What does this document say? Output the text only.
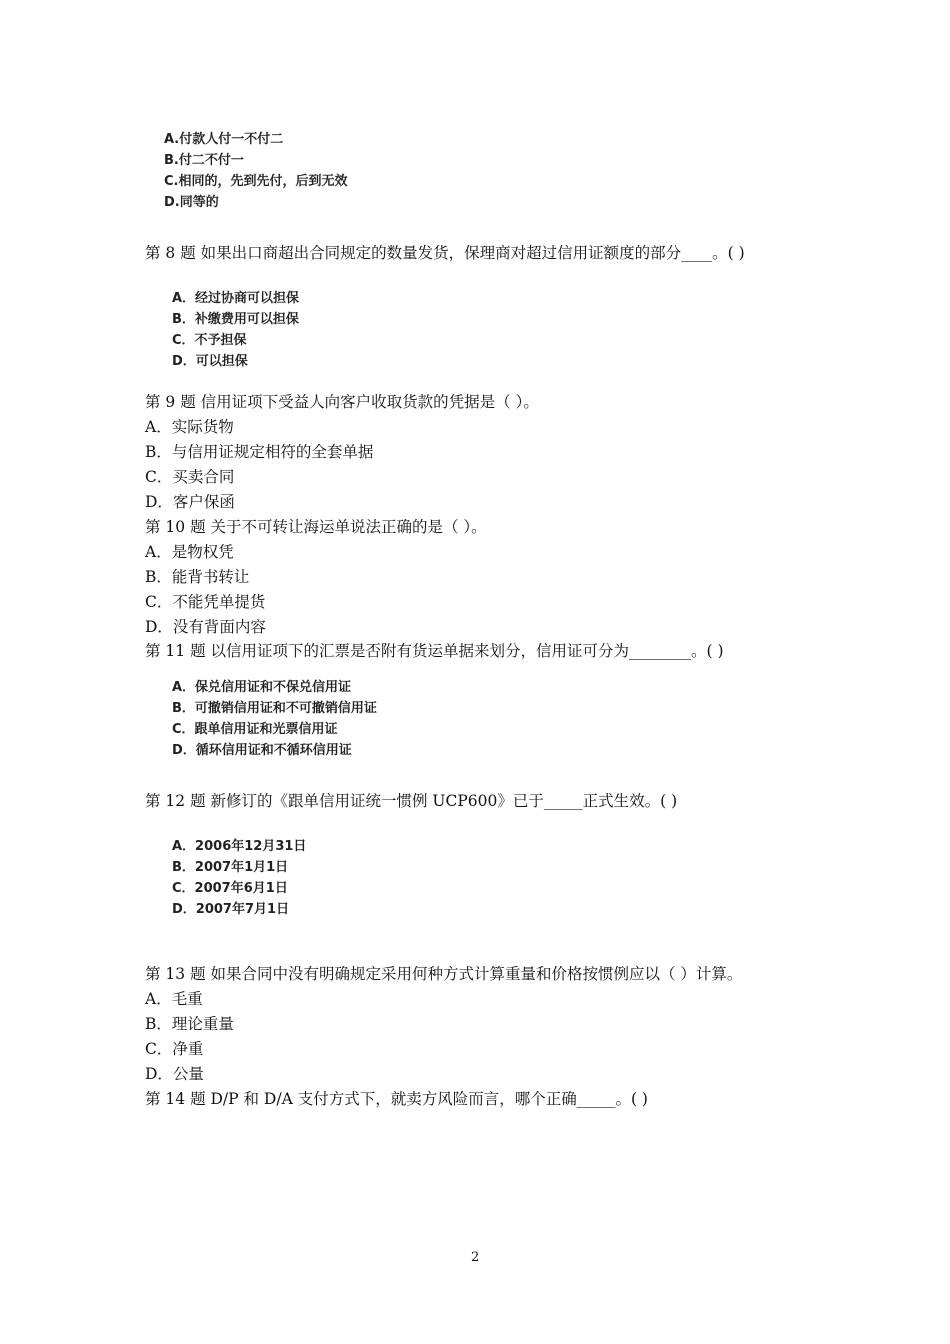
A.付款人付一不付二
B.付二不付一
C.相同的，先到先付，后到无效
D.同等的
第 8 题 如果出口商超出合同规定的数量发货，保理商对超过信用证额度的部分____。( )
A．经过协商可以担保
B．补缴费用可以担保
C．不予担保
D．可以担保
第 9 题 信用证项下受益人向客户收取货款的凭据是（ ）。
A．实际货物
B．与信用证规定相符的全套单据
C．买卖合同
D．客户保函
第 10 题 关于不可转让海运单说法正确的是（ ）。
A．是物权凭
B．能背书转让
C．不能凭单提货
D．没有背面内容
第 11 题 以信用证项下的汇票是否附有货运单据来划分，信用证可分为________。( )
A．保兑信用证和不保兑信用证
B．可撤销信用证和不可撤销信用证
C．跟单信用证和光票信用证
D．循环信用证和不循环信用证
第 12 题 新修订的《跟单信用证统一惯例 UCP600》已于_____正式生效。( )
A．2006年12月31日
B．2007年1月1日
C．2007年6月1日
D．2007年7月1日
第 13 题 如果合同中没有明确规定采用何种方式计算重量和价格按惯例应以（ ）计算。
A．毛重
B．理论重量
C．净重
D．公量
第 14 题 D/P 和 D/A 支付方式下，就卖方风险而言，哪个正确_____。( )
2
